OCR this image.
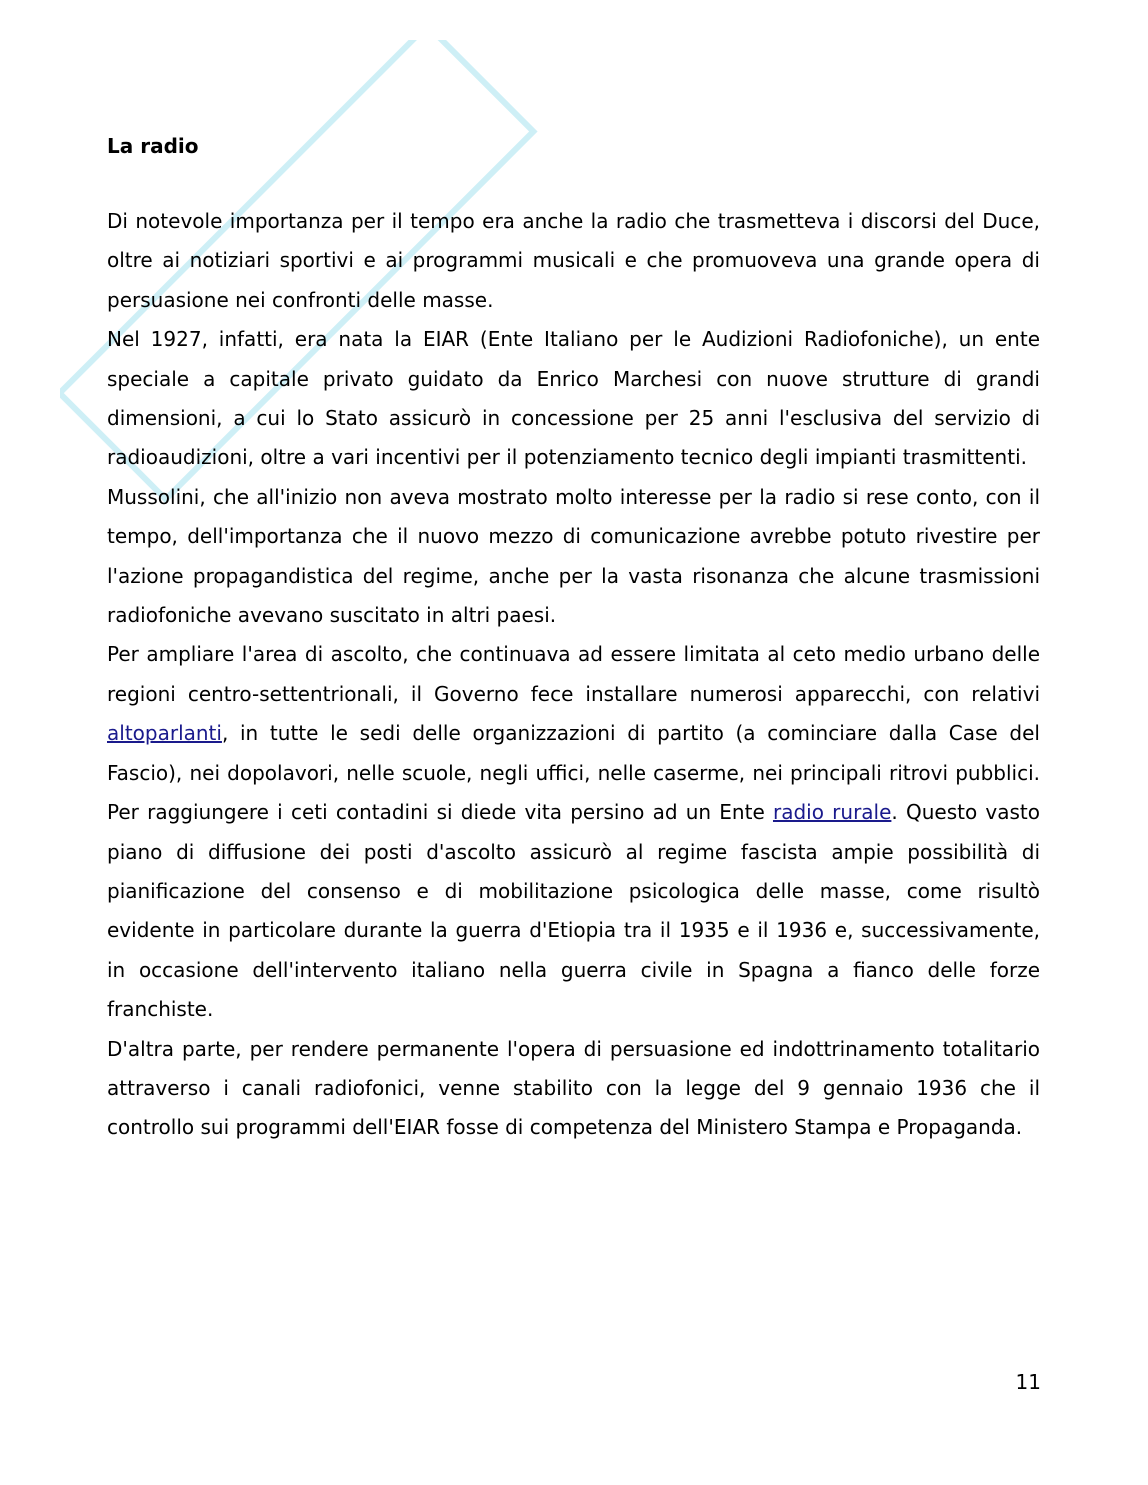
La radio

Di notevole importanza per il tempo era anche la radio che trasmetteva i discorsi del Duce, oltre ai notiziari sportivi e ai programmi musicali e che promuoveva una grande opera di persuasione nei confronti delle masse.

Nel 1927, infatti, era nata la EIAR (Ente Italiano per le Audizioni Radiofoniche), un ente speciale a capitale privato guidato da Enrico Marchesi con nuove strutture di grandi dimensioni, a cui lo Stato assicurò in concessione per 25 anni l'esclusiva del servizio di radioaudizioni, oltre a vari incentivi per il potenziamento tecnico degli impianti trasmittenti.

Mussolini, che all'inizio non aveva mostrato molto interesse per la radio si rese conto, con il tempo, dell'importanza che il nuovo mezzo di comunicazione avrebbe potuto rivestire per l'azione propagandistica del regime, anche per la vasta risonanza che alcune trasmissioni radiofoniche avevano suscitato in altri paesi.

Per ampliare l'area di ascolto, che continuava ad essere limitata al ceto medio urbano delle regioni centro-settentrionali, il Governo fece installare numerosi apparecchi, con relativi altoparlanti, in tutte le sedi delle organizzazioni di partito (a cominciare dalla Case del Fascio), nei dopolavori, nelle scuole, negli uffici, nelle caserme, nei principali ritrovi pubblici. Per raggiungere i ceti contadini si diede vita persino ad un Ente radio rurale. Questo vasto piano di diffusione dei posti d'ascolto assicurò al regime fascista ampie possibilità di pianificazione del consenso e di mobilitazione psicologica delle masse, come risultò evidente in particolare durante la guerra d'Etiopia tra il 1935 e il 1936 e, successivamente, in occasione dell'intervento italiano nella guerra civile in Spagna a fianco delle forze franchiste.

D'altra parte, per rendere permanente l'opera di persuasione ed indottrinamento totalitario attraverso i canali radiofonici, venne stabilito con la legge del 9 gennaio 1936 che il controllo sui programmi dell'EIAR fosse di competenza del Ministero Stampa e Propaganda.

11
